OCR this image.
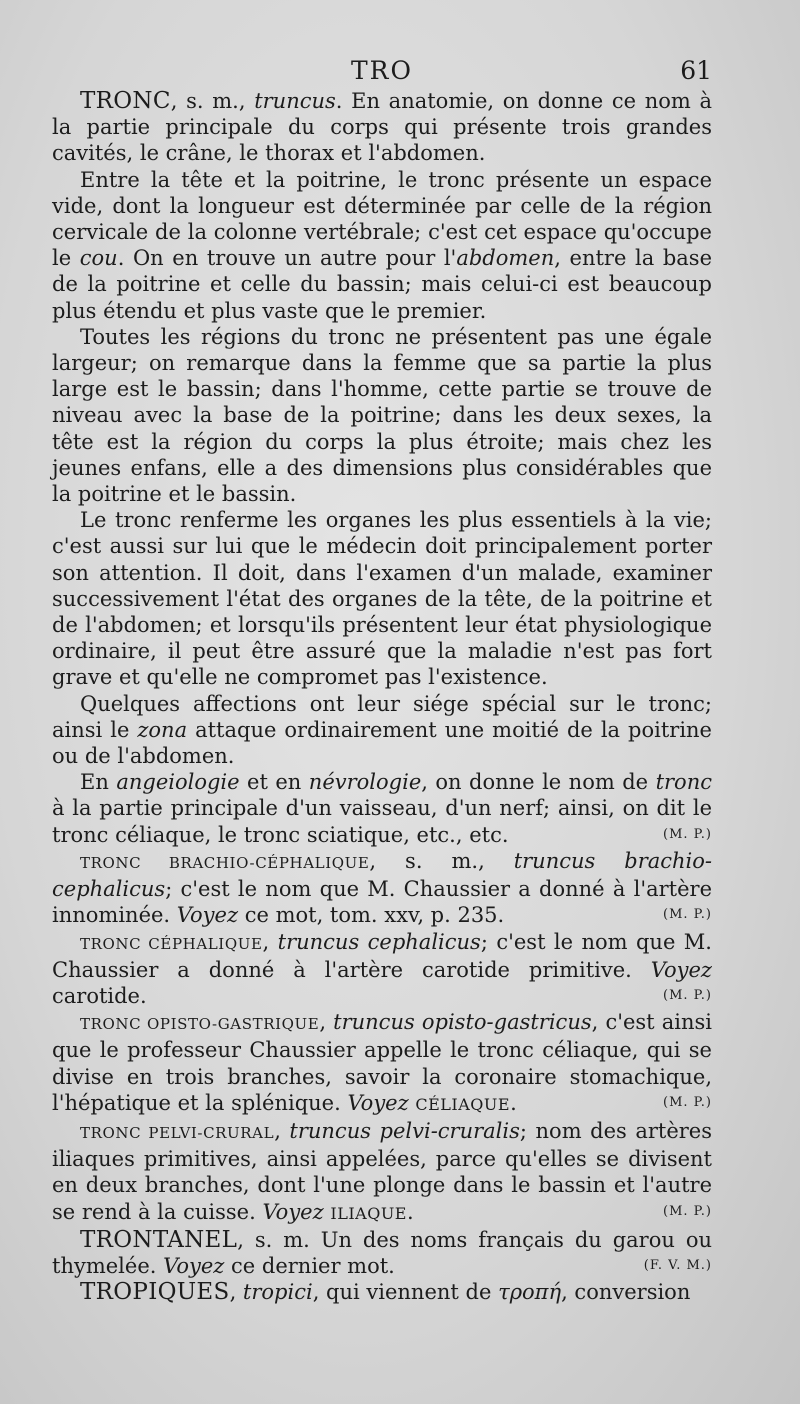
TRO	61

TRONC, s. m., truncus. En anatomie, on donne ce nom à la partie principale du corps qui présente trois grandes cavités, le crâne, le thorax et l'abdomen.

Entre la tête et la poitrine, le tronc présente un espace vide, dont la longueur est déterminée par celle de la région cervicale de la colonne vertébrale; c'est cet espace qu'occupe le cou. On en trouve un autre pour l'abdomen, entre la base de la poitrine et celle du bassin; mais celui-ci est beaucoup plus étendu et plus vaste que le premier.

Toutes les régions du tronc ne présentent pas une égale largeur; on remarque dans la femme que sa partie la plus large est le bassin; dans l'homme, cette partie se trouve de niveau avec la base de la poitrine; dans les deux sexes, la tête est la région du corps la plus étroite; mais chez les jeunes enfans, elle a des dimensions plus considérables que la poitrine et le bassin.

Le tronc renferme les organes les plus essentiels à la vie; c'est aussi sur lui que le médecin doit principalement porter son attention. Il doit, dans l'examen d'un malade, examiner successivement l'état des organes de la tête, de la poitrine et de l'abdomen; et lorsqu'ils présentent leur état physiologique ordinaire, il peut être assuré que la maladie n'est pas fort grave et qu'elle ne compromet pas l'existence.

Quelques affections ont leur siége spécial sur le tronc; ainsi le zona attaque ordinairement une moitié de la poitrine ou de l'abdomen.

En angeiologie et en névrologie, on donne le nom de tronc à la partie principale d'un vaisseau, d'un nerf; ainsi, on dit le tronc céliaque, le tronc sciatique, etc., etc.	(M. P.)

TRONC BRACHIO-CÉPHALIQUE, s. m., truncus brachio-cephalicus; c'est le nom que M. Chaussier a donné à l'artère innominée. Voyez ce mot, tom. xxv, p. 235.	(M. P.)

TRONC CÉPHALIQUE, truncus cephalicus; c'est le nom que M. Chaussier a donné à l'artère carotide primitive. Voyez carotide.	(M. P.)

TRONC OPISTO-GASTRIQUE, truncus opisto-gastricus, c'est ainsi que le professeur Chaussier appelle le tronc céliaque, qui se divise en trois branches, savoir la coronaire stomachique, l'hépatique et la splénique. Voyez CÉLIAQUE.	(M. P.)

TRONC PELVI-CRURAL, truncus pelvi-cruralis; nom des artères iliaques primitives, ainsi appelées, parce qu'elles se divisent en deux branches, dont l'une plonge dans le bassin et l'autre se rend à la cuisse. Voyez ILIAQUE.	(M. P.)

TRONTANEL, s. m. Un des noms français du garou ou thymelée. Voyez ce dernier mot.	(F. V. M.)

TROPIQUES, tropici, qui viennent de τροπή, conversion
